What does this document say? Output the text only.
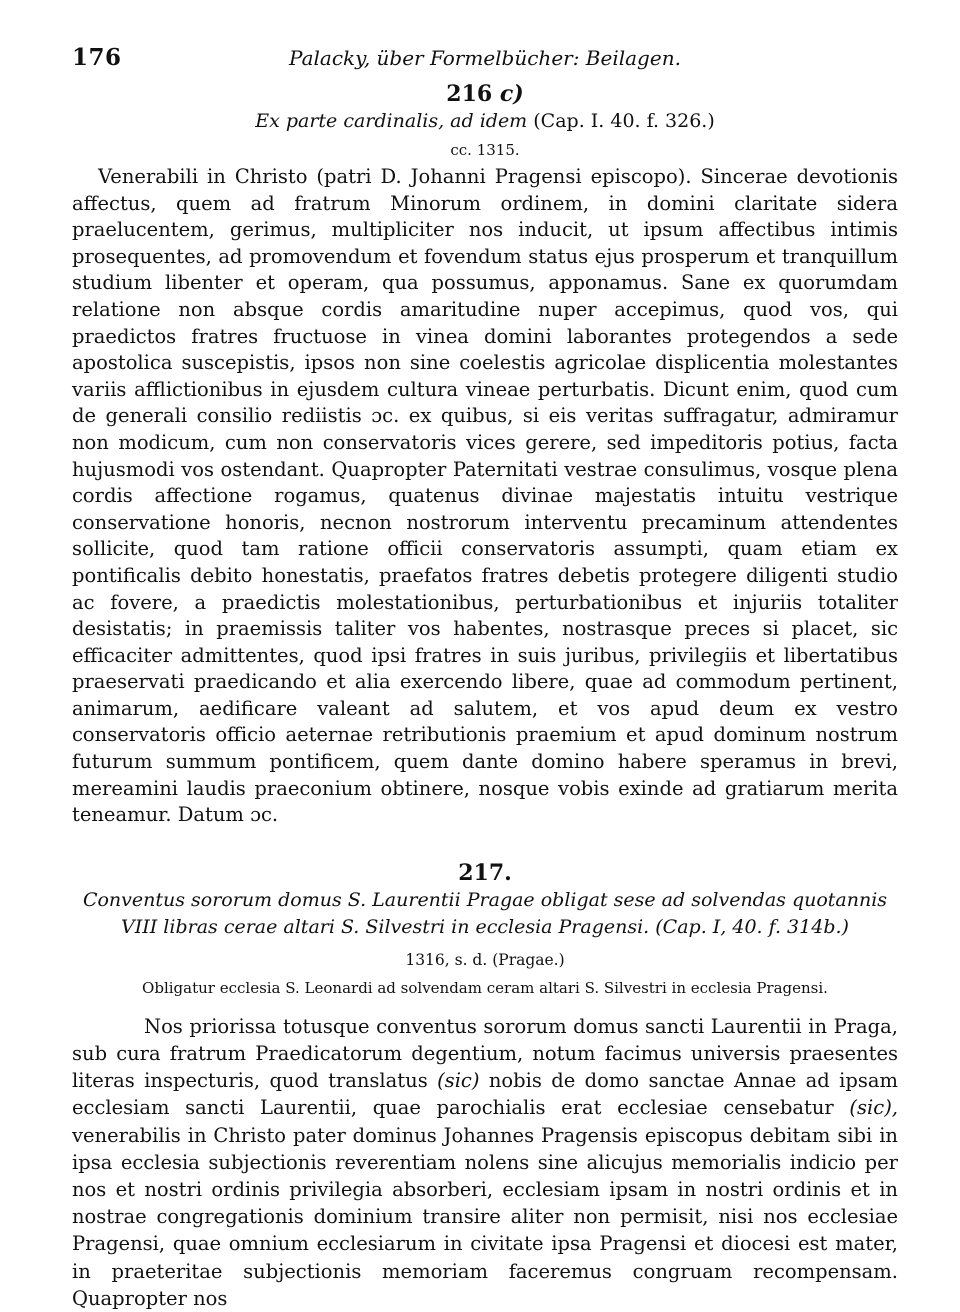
176	Palacky, über Formelbücher: Beilagen.

216 c)

Ex parte cardinalis, ad idem (Cap. I. 40. f. 326.)

cc. 1315.

Venerabili in Christo (patri D. Johanni Pragensi episcopo). Sincerae devotionis affectus, quem ad fratrum Minorum ordinem, in domini claritate sidera praelucentem, gerimus, multipliciter nos inducit, ut ipsum affectibus intimis prosequentes, ad promovendum et fovendum status ejus prosperum et tranquillum studium libenter et operam, qua possumus, apponamus. Sane ex quorumdam relatione non absque cordis amaritudine nuper accepimus, quod vos, qui praedictos fratres fructuose in vinea domini laborantes protegendos a sede apostolica suscepistis, ipsos non sine coelestis agricolae displicentia molestantes variis afflictionibus in ejusdem cultura vineae perturbatis. Dicunt enim, quod cum de generali consilio rediistis ɔc. ex quibus, si eis veritas suffragatur, admiramur non modicum, cum non conservatoris vices gerere, sed impeditoris potius, facta hujusmodi vos ostendant. Quapropter Paternitati vestrae consulimus, vosque plena cordis affectione rogamus, quatenus divinae majestatis intuitu vestrique conservatione honoris, necnon nostrorum interventu precaminum attendentes sollicite, quod tam ratione officii conservatoris assumpti, quam etiam ex pontificalis debito honestatis, praefatos fratres debetis protegere diligenti studio ac fovere, a praedictis molestationibus, perturbationibus et injuriis totaliter desistatis; in praemissis taliter vos habentes, nostrasque preces si placet, sic efficaciter admittentes, quod ipsi fratres in suis juribus, privilegiis et libertatibus praeservati praedicando et alia exercendo libere, quae ad commodum pertinent, animarum, aedificare valeant ad salutem, et vos apud deum ex vestro conservatoris officio aeternae retributionis praemium et apud dominum nostrum futurum summum pontificem, quem dante domino habere speramus in brevi, mereamini laudis praeconium obtinere, nosque vobis exinde ad gratiarum merita teneamur. Datum ɔc.

217.

Conventus sororum domus S. Laurentii Pragae obligat sese ad solvendas quotannis VIII libras cerae altari S. Silvestri in ecclesia Pragensi. (Cap. I, 40. f. 314b.)

1316, s. d. (Pragae.)

Obligatur ecclesia S. Leonardi ad solvendam ceram altari S. Silvestri in ecclesia Pragensi.

Nos priorissa totusque conventus sororum domus sancti Laurentii in Praga, sub cura fratrum Praedicatorum degentium, notum facimus universis praesentes literas inspecturis, quod translatus (sic) nobis de domo sanctae Annae ad ipsam ecclesiam sancti Laurentii, quae parochialis erat ecclesiae censebatur (sic), venerabilis in Christo pater dominus Johannes Pragensis episcopus debitam sibi in ipsa ecclesia subjectionis reverentiam nolens sine alicujus memorialis indicio per nos et nostri ordinis privilegia absorberi, ecclesiam ipsam in nostri ordinis et in nostrae congregationis dominium transire aliter non permisit, nisi nos ecclesiae Pragensi, quae omnium ecclesiarum in civitate ipsa Pragensi et diocesi est mater, in praeteritae subjectionis memoriam faceremus congruam recompensam. Quapropter nos
